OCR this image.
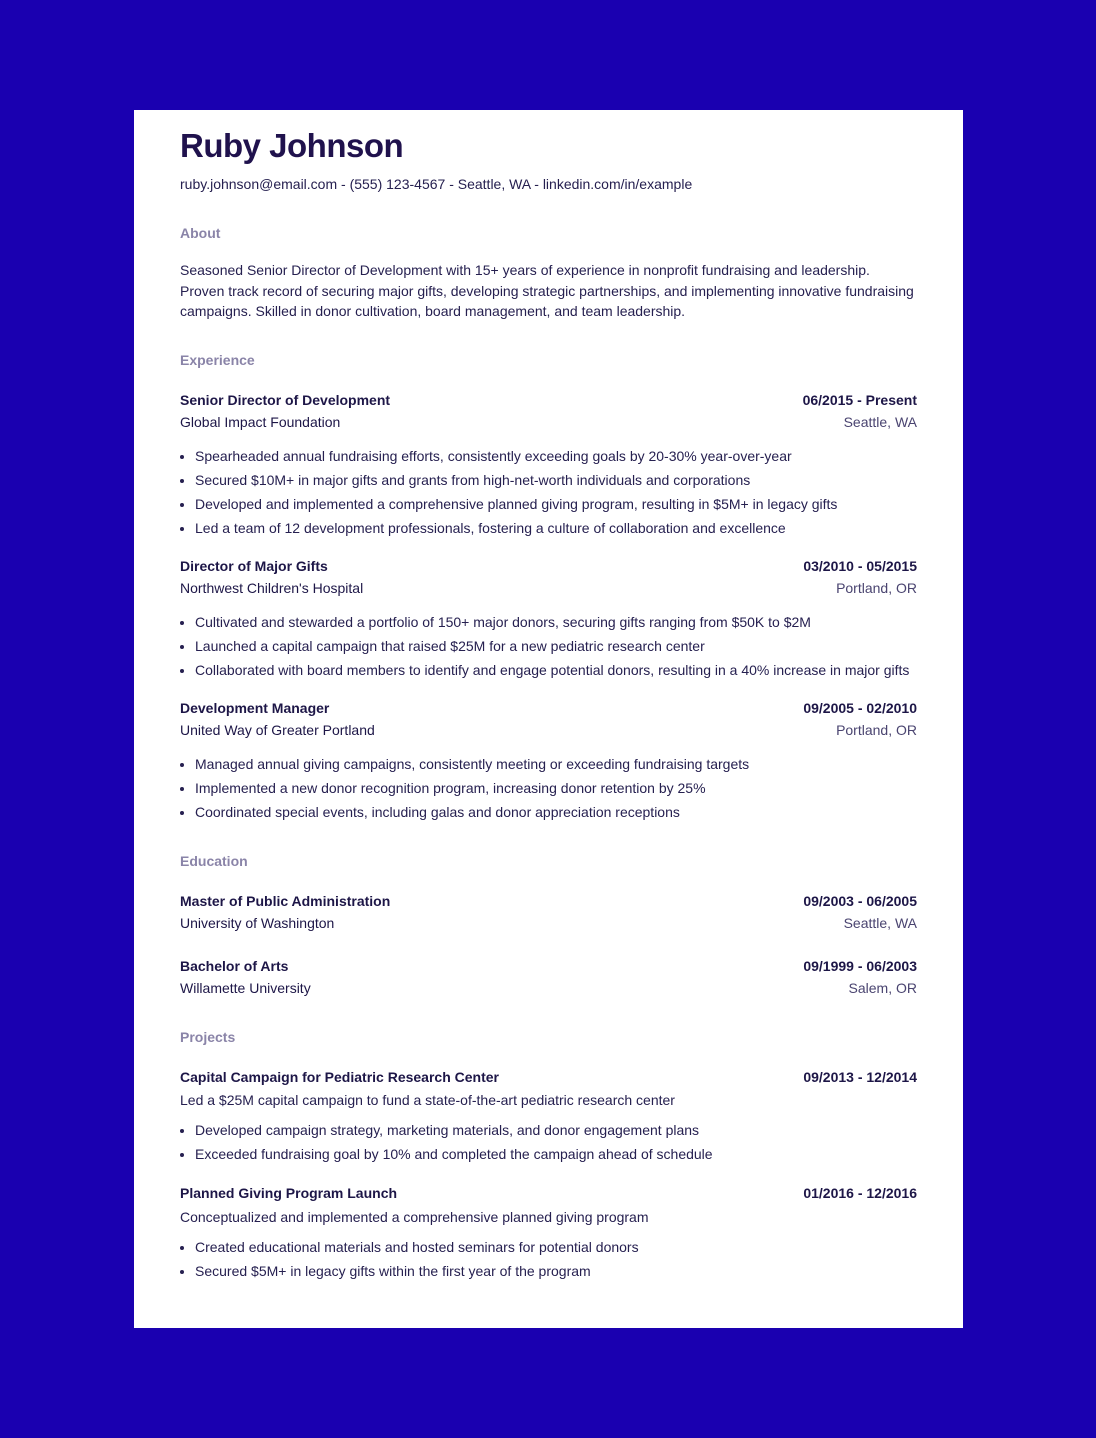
Ruby Johnson
ruby.johnson@email.com - (555) 123-4567 - Seattle, WA - linkedin.com/in/example
About
Seasoned Senior Director of Development with 15+ years of experience in nonprofit fundraising and leadership. Proven track record of securing major gifts, developing strategic partnerships, and implementing innovative fundraising campaigns. Skilled in donor cultivation, board management, and team leadership.
Experience
Senior Director of Development	06/2015 - Present
Global Impact Foundation	Seattle, WA
• Spearheaded annual fundraising efforts, consistently exceeding goals by 20-30% year-over-year
• Secured $10M+ in major gifts and grants from high-net-worth individuals and corporations
• Developed and implemented a comprehensive planned giving program, resulting in $5M+ in legacy gifts
• Led a team of 12 development professionals, fostering a culture of collaboration and excellence
Director of Major Gifts	03/2010 - 05/2015
Northwest Children's Hospital	Portland, OR
• Cultivated and stewarded a portfolio of 150+ major donors, securing gifts ranging from $50K to $2M
• Launched a capital campaign that raised $25M for a new pediatric research center
• Collaborated with board members to identify and engage potential donors, resulting in a 40% increase in major gifts
Development Manager	09/2005 - 02/2010
United Way of Greater Portland	Portland, OR
• Managed annual giving campaigns, consistently meeting or exceeding fundraising targets
• Implemented a new donor recognition program, increasing donor retention by 25%
• Coordinated special events, including galas and donor appreciation receptions
Education
Master of Public Administration	09/2003 - 06/2005
University of Washington	Seattle, WA
Bachelor of Arts	09/1999 - 06/2003
Willamette University	Salem, OR
Projects
Capital Campaign for Pediatric Research Center	09/2013 - 12/2014
Led a $25M capital campaign to fund a state-of-the-art pediatric research center
• Developed campaign strategy, marketing materials, and donor engagement plans
• Exceeded fundraising goal by 10% and completed the campaign ahead of schedule
Planned Giving Program Launch	01/2016 - 12/2016
Conceptualized and implemented a comprehensive planned giving program
• Created educational materials and hosted seminars for potential donors
• Secured $5M+ in legacy gifts within the first year of the program
